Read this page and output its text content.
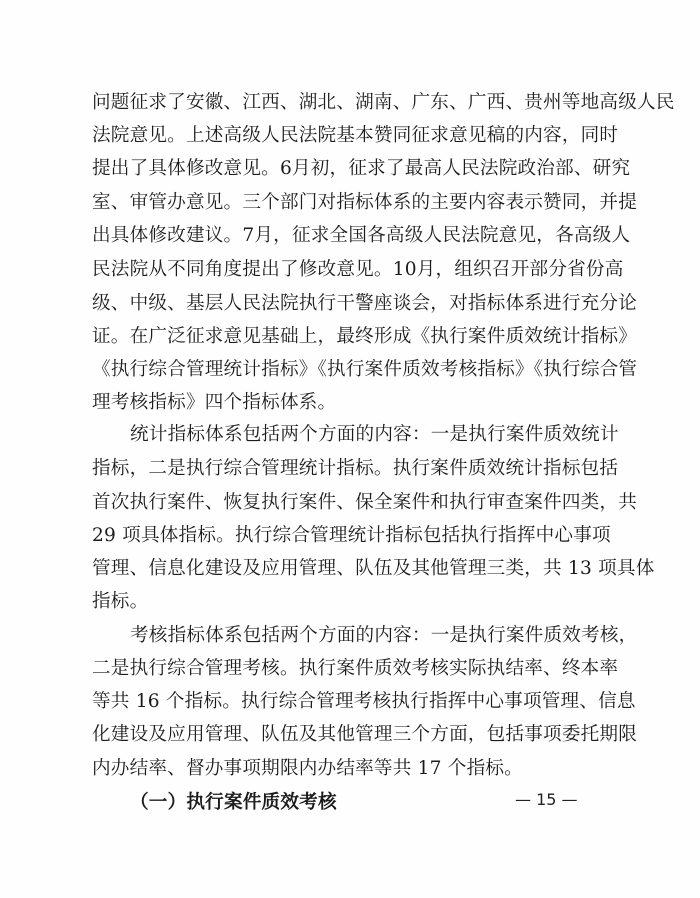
问题征求了安徽、江西、湖北、湖南、广东、广西、贵州等地高级人民
法院意见。上述高级人民法院基本赞同征求意见稿的内容，同时
提出了具体修改意见。6月初，征求了最高人民法院政治部、研究
室、审管办意见。三个部门对指标体系的主要内容表示赞同，并提
出具体修改建议。7月，征求全国各高级人民法院意见，各高级人
民法院从不同角度提出了修改意见。10月，组织召开部分省份高
级、中级、基层人民法院执行干警座谈会，对指标体系进行充分论
证。在广泛征求意见基础上，最终形成《执行案件质效统计指标》
《执行综合管理统计指标》《执行案件质效考核指标》《执行综合管
理考核指标》四个指标体系。
统计指标体系包括两个方面的内容：一是执行案件质效统计
指标，二是执行综合管理统计指标。执行案件质效统计指标包括
首次执行案件、恢复执行案件、保全案件和执行审查案件四类，共
29 项具体指标。执行综合管理统计指标包括执行指挥中心事项
管理、信息化建设及应用管理、队伍及其他管理三类，共 13 项具体
指标。
考核指标体系包括两个方面的内容：一是执行案件质效考核，
二是执行综合管理考核。执行案件质效考核实际执结率、终本率
等共 16 个指标。执行综合管理考核执行指挥中心事项管理、信息
化建设及应用管理、队伍及其他管理三个方面，包括事项委托期限
内办结率、督办事项期限内办结率等共 17 个指标。
（一）执行案件质效考核	— 15 —
